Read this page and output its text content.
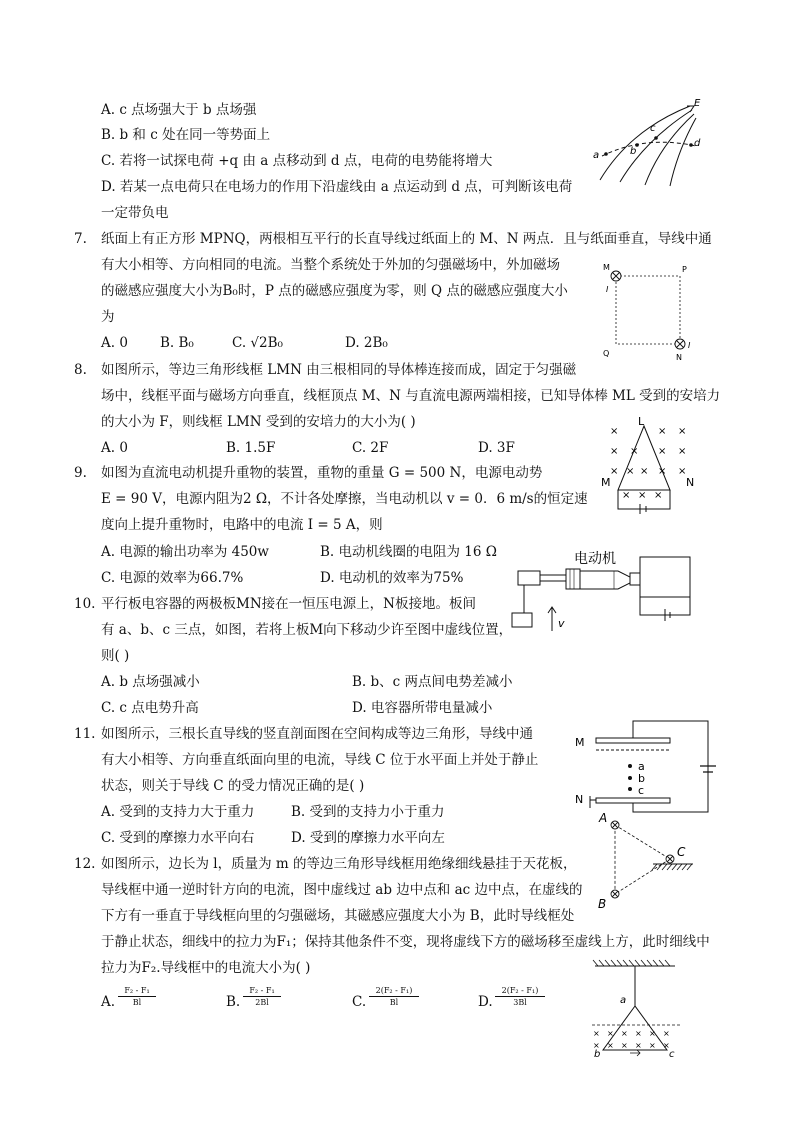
A. c 点场强大于 b 点场强
B. b 和 c 处在同一等势面上
C. 若将一试探电荷 +q 由 a 点移动到 d 点，电荷的电势能将增大
D. 若某一点电荷只在电场力的作用下沿虚线由 a 点运动到 d 点，可判断该电荷
一定带负电
E
a	b
c
d
7.	纸面上有正方形 MPNQ，两根相互平行的长直导线过纸面上的 M、N 两点．且与纸面垂直，导线中通
有大小相等、方向相同的电流。当整个系统处于外加的匀强磁场中，外加磁场
的磁感应强度大小为B₀时，P 点的磁感应强度为零，则 Q 点的磁感应强度大小
为
A. 0 B. B₀	C. √2B₀	D. 2B₀
M	P
Q	N
I
I
8.	如图所示，等边三角形线框 LMN 由三根相同的导体棒连接而成，固定于匀强磁
场中，线框平面与磁场方向垂直，线框顶点 M、N 与直流电源两端相接，已知导体棒 ML 受到的安培力
的大小为 F，则线框 LMN 受到的安培力的大小为( )
A. 0	B. 1.5F	C. 2F	D. 3F
L
M	N
×	× ×
× × × ×
× × × × ×
× × ×
9.	如图为直流电动机提升重物的装置，重物的重量 G = 500 N，电源电动势
E = 90 V，电源内阻为2 Ω，不计各处摩擦，当电动机以 v = 0．6 m/s的恒定速
度向上提升重物时，电路中的电流 I = 5 A，则
A. 电源的输出功率为 450w	B. 电动机线圈的电阻为 16 Ω
C. 电源的效率为66.7%	D. 电动机的效率为75%
电动机
v
10. 平行板电容器的两极板MN接在一恒压电源上，N板接地。板间
有 a、b、c 三点，如图，若将上板M向下移动少许至图中虚线位置，
则( )
A. b 点场强减小	B. b、c 两点间电势差减小
C. c 点电势升高	D. 电容器所带电量减小
M
N
a
b
c
11. 如图所示，三根长直导线的竖直剖面图在空间构成等边三角形，导线中通
有大小相等、方向垂直纸面向里的电流，导线 C 位于水平面上并处于静止
状态，则关于导线 C 的受力情况正确的是( )
A. 受到的支持力大于重力	B. 受到的支持力小于重力
C. 受到的摩擦力水平向右	D. 受到的摩擦力水平向左
A
C
B
12. 如图所示，边长为 l，质量为 m 的等边三角形导线框用绝缘细线悬挂于天花板，
导线框中通一逆时针方向的电流，图中虚线过 ab 边中点和 ac 边中点，在虚线的
下方有一垂直于导线框向里的匀强磁场，其磁感应强度大小为 B，此时导线框处
于静止状态，细线中的拉力为F₁；保持其他条件不变，现将虚线下方的磁场移至虚线上方，此时细线中
拉力为F₂.导线框中的电流大小为( )
A. $\frac{\text{F₂ - F₁}}{Bl}$	B. $\frac{\text{F₂ - F₁}}{2Bl}$	C. $\frac{\text{2(F₂ - F₁)}}{Bl}$	D. $\frac{\text{2(F₂ - F₁)}}{3Bl}$
× × × × × ×
× × × × × ×
a
b	c
